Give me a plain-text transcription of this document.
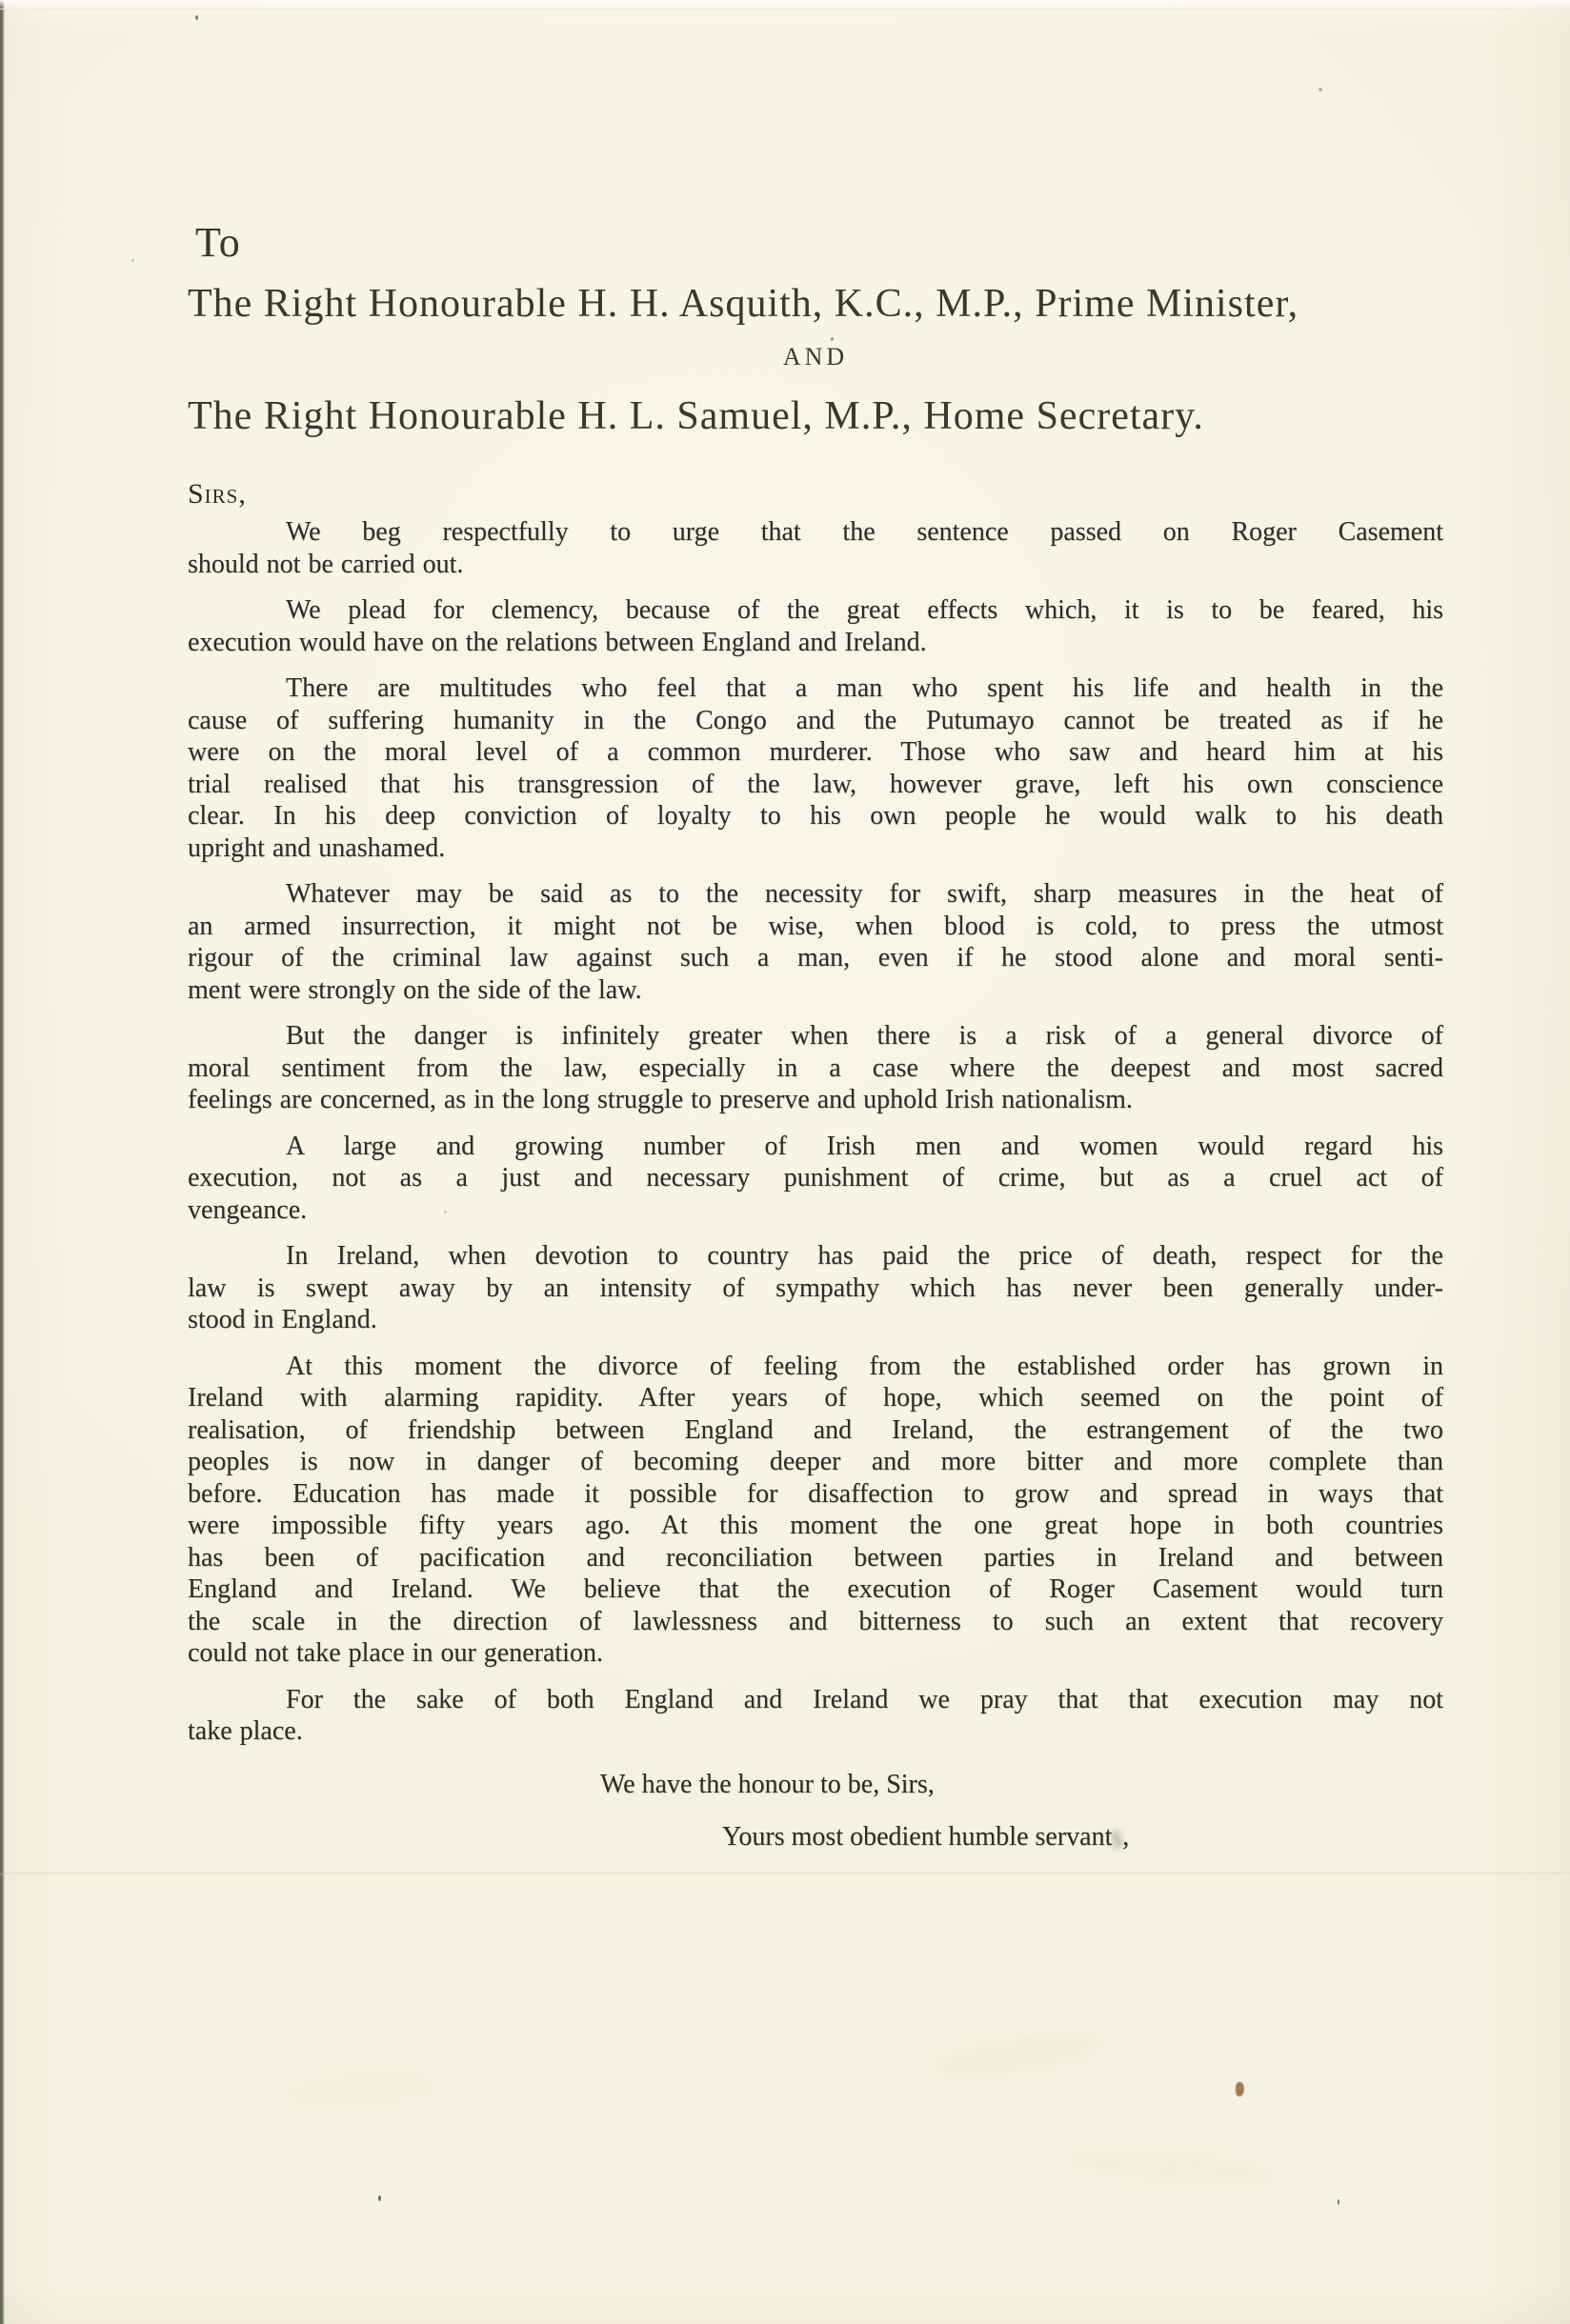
To
The Right Honourable H. H. Asquith, K.C., M.P., Prime Minister,
AND
The Right Honourable H. L. Samuel, M.P., Home Secretary.
Sirs,
We beg respectfully to urge that the sentence passed on Roger Casement
should not be carried out.
We plead for clemency, because of the great effects which, it is to be feared, his
execution would have on the relations between England and Ireland.
There are multitudes who feel that a man who spent his life and health in the
cause of suffering humanity in the Congo and the Putumayo cannot be treated as if he
were on the moral level of a common murderer. Those who saw and heard him at his
trial realised that his transgression of the law, however grave, left his own conscience
clear. In his deep conviction of loyalty to his own people he would walk to his death
upright and unashamed.
Whatever may be said as to the necessity for swift, sharp measures in the heat of
an armed insurrection, it might not be wise, when blood is cold, to press the utmost
rigour of the criminal law against such a man, even if he stood alone and moral senti-
ment were strongly on the side of the law.
But the danger is infinitely greater when there is a risk of a general divorce of
moral sentiment from the law, especially in a case where the deepest and most sacred
feelings are concerned, as in the long struggle to preserve and uphold Irish nationalism.
A large and growing number of Irish men and women would regard his
execution, not as a just and necessary punishment of crime, but as a cruel act of
vengeance.
In Ireland, when devotion to country has paid the price of death, respect for the
law is swept away by an intensity of sympathy which has never been generally under-
stood in England.
At this moment the divorce of feeling from the established order has grown in
Ireland with alarming rapidity. After years of hope, which seemed on the point of
realisation, of friendship between England and Ireland, the estrangement of the two
peoples is now in danger of becoming deeper and more bitter and more complete than
before. Education has made it possible for disaffection to grow and spread in ways that
were impossible fifty years ago. At this moment the one great hope in both countries
has been of pacification and reconciliation between parties in Ireland and between
England and Ireland. We believe that the execution of Roger Casement would turn
the scale in the direction of lawlessness and bitterness to such an extent that recovery
could not take place in our generation.
For the sake of both England and Ireland we pray that that execution may not
take place.
We have the honour to be, Sirs,
Yours most obedient humble servants,
